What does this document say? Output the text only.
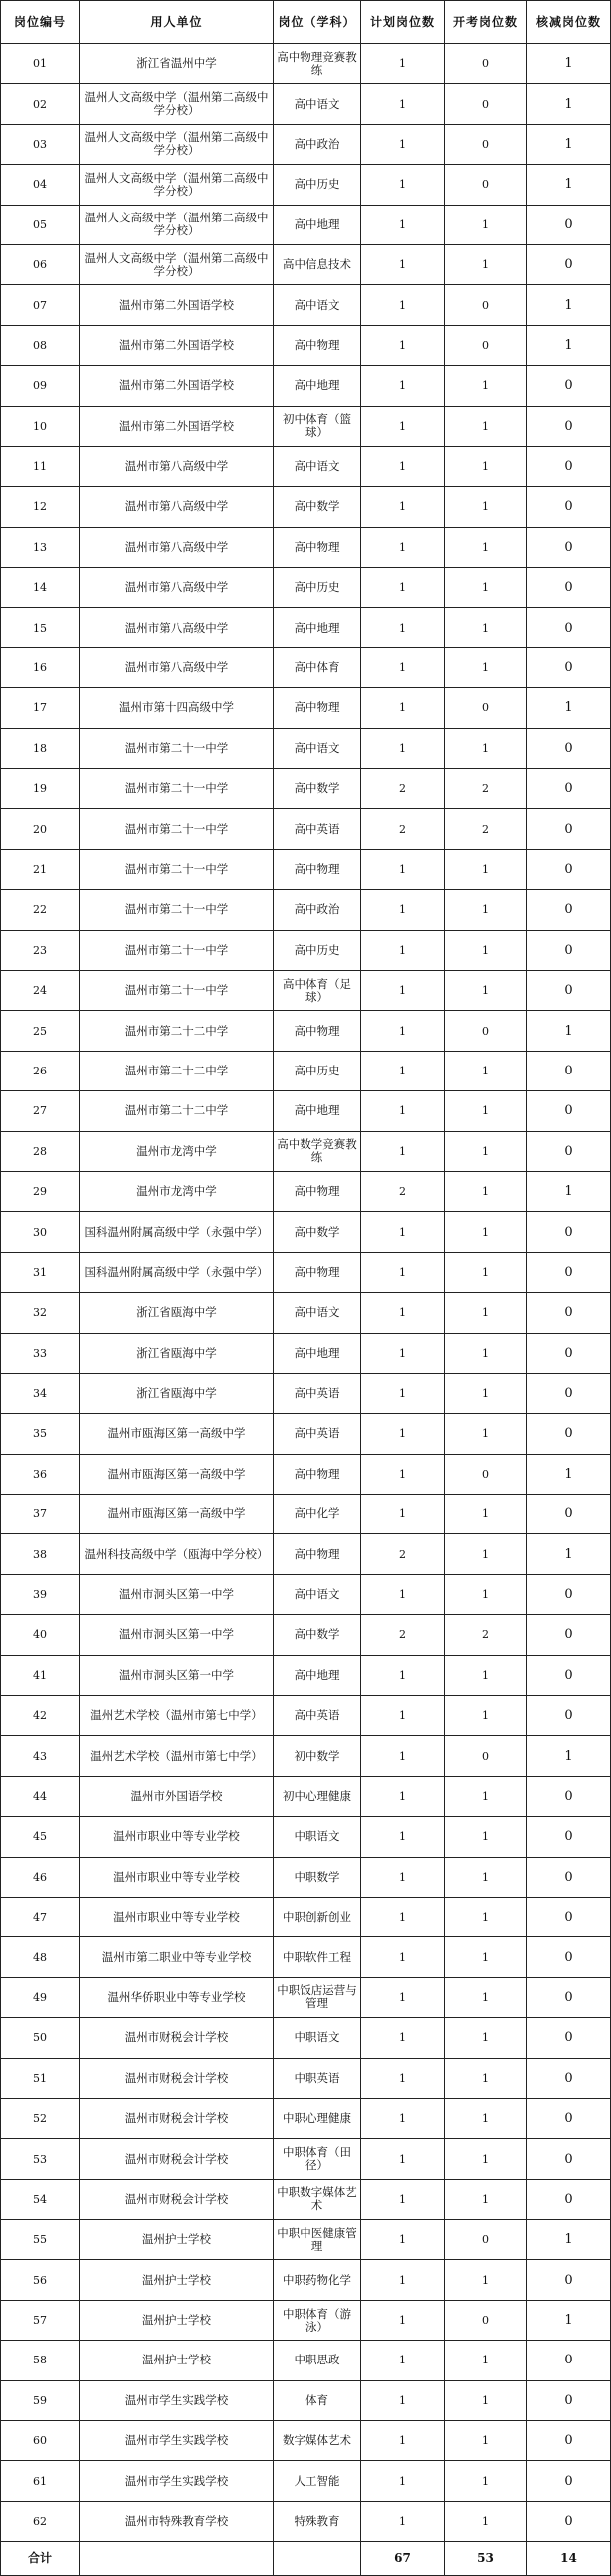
岗位编号	用人单位	岗位（学科）	计划岗位数	开考岗位数	核减岗位数
01	浙江省温州中学	高中物理竞赛教练	1	0	1
02	温州人文高级中学（温州第二高级中学分校）	高中语文	1	0	1
03	温州人文高级中学（温州第二高级中学分校）	高中政治	1	0	1
04	温州人文高级中学（温州第二高级中学分校）	高中历史	1	0	1
05	温州人文高级中学（温州第二高级中学分校）	高中地理	1	1	0
06	温州人文高级中学（温州第二高级中学分校）	高中信息技术	1	1	0
07	温州市第二外国语学校	高中语文	1	0	1
08	温州市第二外国语学校	高中物理	1	0	1
09	温州市第二外国语学校	高中地理	1	1	0
10	温州市第二外国语学校	初中体育（篮球）	1	1	0
11	温州市第八高级中学	高中语文	1	1	0
12	温州市第八高级中学	高中数学	1	1	0
13	温州市第八高级中学	高中物理	1	1	0
14	温州市第八高级中学	高中历史	1	1	0
15	温州市第八高级中学	高中地理	1	1	0
16	温州市第八高级中学	高中体育	1	1	0
17	温州市第十四高级中学	高中物理	1	0	1
18	温州市第二十一中学	高中语文	1	1	0
19	温州市第二十一中学	高中数学	2	2	0
20	温州市第二十一中学	高中英语	2	2	0
21	温州市第二十一中学	高中物理	1	1	0
22	温州市第二十一中学	高中政治	1	1	0
23	温州市第二十一中学	高中历史	1	1	0
24	温州市第二十一中学	高中体育（足球）	1	1	0
25	温州市第二十二中学	高中物理	1	0	1
26	温州市第二十二中学	高中历史	1	1	0
27	温州市第二十二中学	高中地理	1	1	0
28	温州市龙湾中学	高中数学竞赛教练	1	1	0
29	温州市龙湾中学	高中物理	2	1	1
30	国科温州附属高级中学（永强中学）	高中数学	1	1	0
31	国科温州附属高级中学（永强中学）	高中物理	1	1	0
32	浙江省瓯海中学	高中语文	1	1	0
33	浙江省瓯海中学	高中地理	1	1	0
34	浙江省瓯海中学	高中英语	1	1	0
35	温州市瓯海区第一高级中学	高中英语	1	1	0
36	温州市瓯海区第一高级中学	高中物理	1	0	1
37	温州市瓯海区第一高级中学	高中化学	1	1	0
38	温州科技高级中学（瓯海中学分校）	高中物理	2	1	1
39	温州市洞头区第一中学	高中语文	1	1	0
40	温州市洞头区第一中学	高中数学	2	2	0
41	温州市洞头区第一中学	高中地理	1	1	0
42	温州艺术学校（温州市第七中学）	高中英语	1	1	0
43	温州艺术学校（温州市第七中学）	初中数学	1	0	1
44	温州市外国语学校	初中心理健康	1	1	0
45	温州市职业中等专业学校	中职语文	1	1	0
46	温州市职业中等专业学校	中职数学	1	1	0
47	温州市职业中等专业学校	中职创新创业	1	1	0
48	温州市第二职业中等专业学校	中职软件工程	1	1	0
49	温州华侨职业中等专业学校	中职饭店运营与管理	1	1	0
50	温州市财税会计学校	中职语文	1	1	0
51	温州市财税会计学校	中职英语	1	1	0
52	温州市财税会计学校	中职心理健康	1	1	0
53	温州市财税会计学校	中职体育（田径）	1	1	0
54	温州市财税会计学校	中职数字媒体艺术	1	1	0
55	温州护士学校	中职中医健康管理	1	0	1
56	温州护士学校	中职药物化学	1	1	0
57	温州护士学校	中职体育（游泳）	1	0	1
58	温州护士学校	中职思政	1	1	0
59	温州市学生实践学校	体育	1	1	0
60	温州市学生实践学校	数字媒体艺术	1	1	0
61	温州市学生实践学校	人工智能	1	1	0
62	温州市特殊教育学校	特殊教育	1	1	0
合计			67	53	14
